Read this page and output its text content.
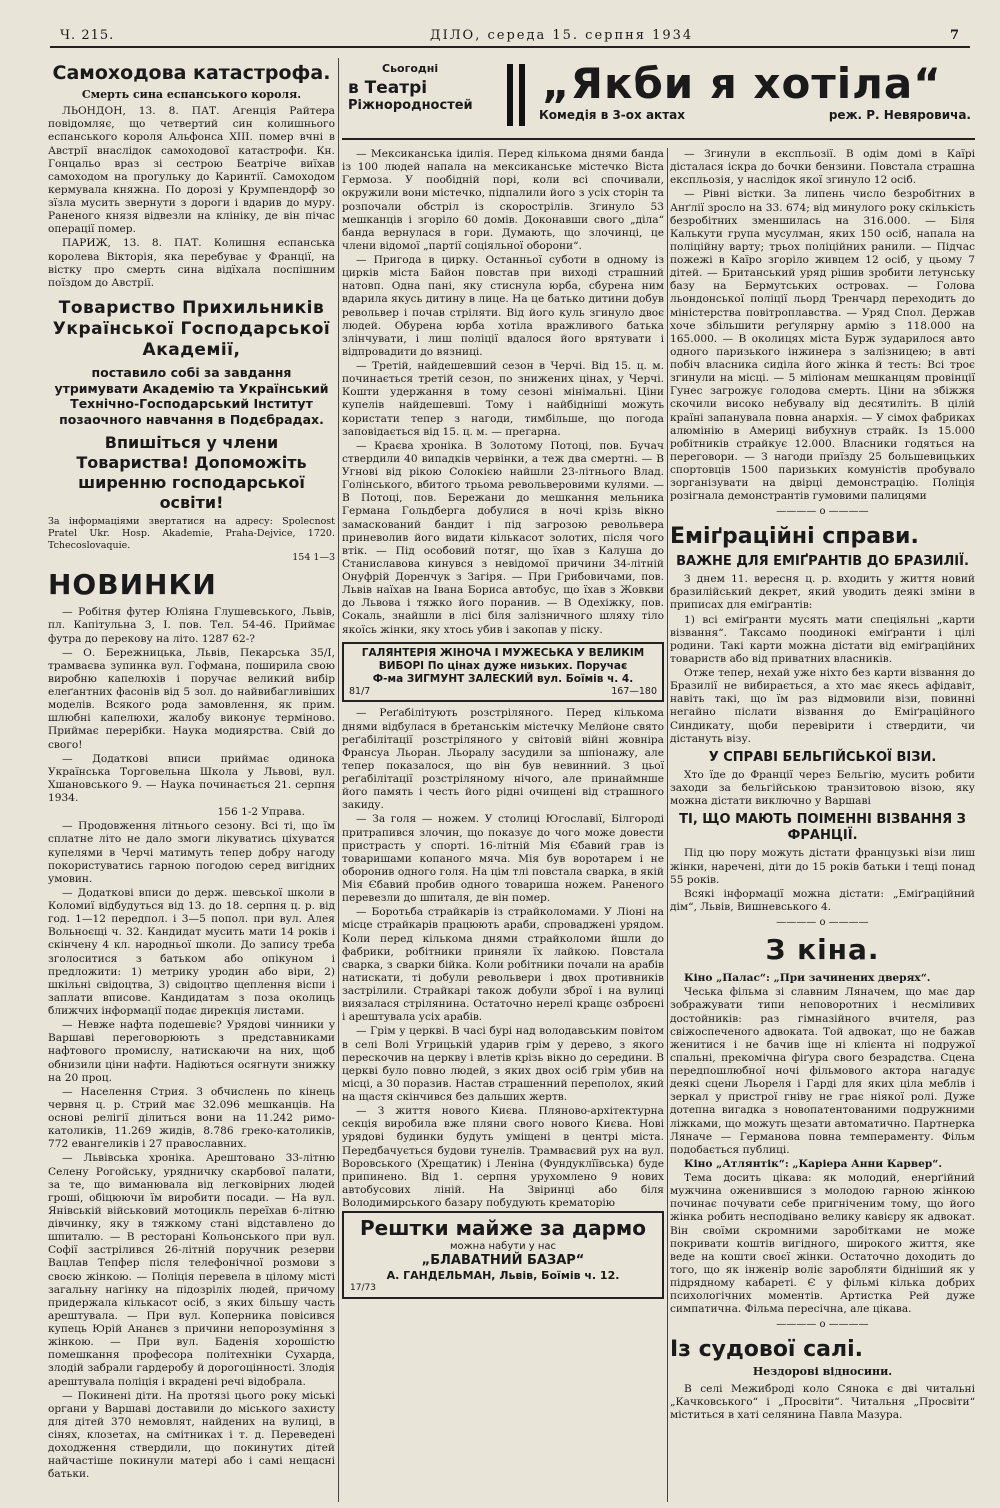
Ч. 215.	ДІЛО, середа 15. серпня 1934	7
Сьогодні
в Театрі
Ріжнородностей „Якби я хотіла“
Комедія в 3-ох актах	реж. Р. Невяровича.
Самоходова катастрофа.
Смерть сина еспанського короля.

ЛЬОНДОН, 13. 8. ПАТ. Агенція Райтера повідомляє, що четвертий син колишнього еспанського короля Альфонса XIII. помер вчні в Австрії внаслідок самоходової катастрофи. Кн. Гонцальо враз зі сестрою Беатріче виїхав самоходом на прогульку до Каринтії. Самоходом кермувала княжна. По дорозі у Крумпендорф зо зїзла мусить звернути з дороги і вдарив до муру. Раненого князя відвезли на клініку, де він пічас операції помер.

ПАРИЖ, 13. 8. ПАТ. Колишня еспанська королева Вікторія, яка перебуває у Франції, на вістку про смерть сина відїхала поспішним поїздом до Австрії.

Товариство Прихильників Української Господарської Академії,
поставило собі за завдання утримувати Академію та Український Технічно-Господарський Інститут позаочного навчання в Подєбрадах.
Впишіться у члени Товариства! Допоможіть ширенню господарської освіти!
За інформаціями звертатися на адресу: Spolecnost Pratel Ukr. Hosp. Akademie, Praha-Dejvice, 1720. Tchecoslovaquie.
154 1—3
НОВИНКИ

— Робітня футер Юліяна Глушевського, Львів, пл. Капітульна 3, І. пов. Тел. 54-46. Приймає футра до перекову на літо. 1287 62-?

— О. Бережницька, Львів, Пекарська 35/І, трамваєва зупинка вул. Гофмана, поширила свою виробню капелюхів і поручає великий вибір елеґантних фасонів від 5 зол. до найвибагливіших моделів. Всякого рода замовлення, як прим. шлюбні капелюхи, жалобу виконує терміново. Приймає перерібки. Наука модиярства. Свій до свого!

— Додаткові вписи приймає одинока Українська Торговельна Школа у Львові, вул. Хшановського 9. — Наука починається 21. серпня 1934.

156 1-2 Управа.

— Продовження літнього сезону. Всі ті, що їм сплатне літо не дало змоги лікуватись ціхуватся купелями в Черчі матимуть тепер добру нагоду покористуватись гарною погодою серед вигідних умовин.

— Додаткові вписи до держ. шевської школи в Коломиї відбудуться від 13. до 18. серпня ц. р. від год. 1—12 передпол. і 3—5 попол. при вул. Алея Вольноєщі ч. 32. Кандидат мусить мати 14 років і скінчену 4 кл. народньої школи. До запису треба зголоситися з батьком або опікуном і предложити: 1) метрику уродин або віри, 2) шкільні свідоцтва, 3) свідоцтво щеплення віспи і заплати вписове. Кандидатам з поза околиць ближчих інформації подає дирекція листами.

— Невже нафта подешевіє? Урядові чинники у Варшаві переговорюють з представниками нафтового промислу, натискаючи на них, щоб обнизили ціни нафти. Надіються осягнути знижку на 20 проц.

— Населення Стрия. З обчислень по кінець червня ц. р. Стрий має 32.096 мешканців. На основі релігії ділиться вони на 11.242 римо-католиків, 11.269 жидів, 8.786 греко-католиків, 772 евангеликів і 27 православних.

— Львівська хроніка. Арештовано 33-літню Селену Рогойську, урядничку скарбової палати, за те, що виманювала від легковірних людей гроші, обіцюючи їм виробити посади. — На вул. Янівській військовий мотоцикль переїхав 6-літню дівчинку, яку в тяжкому стані відставлено до шпиталю. — В ресторані Кольонського при вул. Софії застрілився 26-літній поручник резерви Вацлав Тепфер після телефонічної розмови з своєю жінкою. — Поліція перевела в цілому місті загальну нагінку на підозріліх людей, причому придержала кількасот осіб, з яких більшу часть арештувала. — При вул. Коперника повісився купець Юрій Ананєв з причини непорозуміння з жінкою. — При вул. Баденія хорошістю помешкання професора політехніки Сухарда, злодій забрали гардеробу й дорогоцінності. Злодія арештувала поліція і вкрадені речі відобрала.

— Покинені діти. На протязі цього року міські органи у Варшаві доставили до міського захисту для дітей 370 немовлят, найдених на вулиці, в сінях, клозетах, на смітниках і т. д. Переведені доходження ствердили, що покинутих дітей найчастіше покинули матері або і самі нещасні батьки.

— Мексиканська ідилія. Перед кількома днями банда із 100 людей напала на мексиканське містечко Віста Гермоза. У пообідній порі, коли всі спочивали, окружили вони містечко, підпалили його з усіх сторін та розпочали обстріл із скорострілів. Згинуло 53 мешканців і згоріло 60 домів. Доконавши свого „діла“ банда вернулася в гори. Думають, що злочинці, це члени відомої „партії соціяльної оборони“.

— Пригода в цирку. Останньої суботи в одному із цирків міста Байон повстав при виході страшний натовп. Одна пані, яку стиснула юрба, сбурена ним вдарила якусь дитину в лице. На це батько дитини добув револьвер і почав стріляти. Від його куль згинуло двоє людей. Обурена юрба хотіла вражливого батька злінчувати, і лиш поліції вдалося його врятувати і відпровадити до вязниці.

— Третій, найдешевший сезон в Черчі. Від 15. ц. м. починається третій сезон, по знижених цінах, у Черчі. Кошти удержання в тому сезоні мінімальні. Ціни купелів найдешевші. Тому і найбідніші можуть користати тепер з нагоди, тимбільше, що погода заповідається від 15. ц. м. — прегарна.

— Краєва хроніка. В Золотому Потоці, пов. Бучач ствердили 40 випадків червінки, а теж два смертні. — В Угнові від рікою Солокією найшли 23-літнього Влад. Голінського, вбитого трьома револьверовими кулями. — В Потоці, пов. Бережани до мешкання мельника Германа Гольдберга добулися в ночі крізь вікно замаскований бандит і під загрозою револьвера приневолив його видати кількасот золотих, після чого втік. — Під особовий потяг, що їхав з Калуша до Станиславова кинувся з невідомої причини 34-літній Онуфрій Доренчук з Загіря. — При Грибовичами, пов. Львів наїхав на Івана Бориса автобус, що їхав з Жовкви до Львова і тяжко його поранив. — В Одехіжку, пов. Сокаль, знайшли в лісі біля залізничного шляху тіло якоїсь жінки, яку хтось убив і закопав у піску.

ГАЛЯНТЕРІЯ ЖІНОЧА І МУЖЕСЬКА У ВЕЛИКІМ ВИБОРІ По цінах дуже низьких. Поручає
Ф-ма ЗИГМУНТ ЗАЛЕСКИЙ вул. Боїмів ч. 4.
81/7	167—180

— Реґабілітують розстріляного. Перед кількома днями відбулася в бретанськім містечку Мелйоне свято реґабілітації розстріляного у світовій війні жовніра Франсуа Льоран. Льоралу засудили за шпіонажу, але тепер показалося, що він був невинний. З цьої реґабілітації розстріляному нічого, але принаймнше його память і честь його рідні очищені від страшного закиду.

— За голя — ножем. У столиці Югославії, Білгороді притрапився злочин, що показує до чого може довести пристрасть у спорті. 16-літній Мія Єбавий грав із товаришами копаного мяча. Мія був воротарем і не оборонив одного голя. На цім тлі повстала сварка, в якій Мія Єбавий пробив одного товариша ножем. Раненого перевезли до шпиталя, де він помер.

— Боротьба страйкарів із страйколомами. У Ліоні на місце страйкарів працюють араби, спроваджені урядом. Коли перед кількома днями страйколоми йшли до фабрики, робітники приняли їх лайкою. Повстала сварка, з сварки бійка. Коли робітники почали на арабів натискати, ті добули револьвери і двох противників застрілили. Страйкарі також добули зброї і на вулиці виязалася стрілянина. Остаточно нерелі кращє озброєні і арештувала усіх арабів.

— Грім у церкві. В часі бурі над володавським повітом в селі Волі Угрицькій ударив грім у дерево, з якого перескочив на церкву і влетів крізь вікно до середини. В церкві було повно людей, з яких двох осіб грім убив на місці, а 30 поразив. Настав страшенний переполох, який на щастя скінчився без дальших жертв.

— З життя нового Києва. Пляново-архітектурна секція виробила вже пляни свого нового Києва. Нові урядові будинки будуть уміщені в центрі міста. Передбачується будови тунелів. Трамваєвий рух на вул. Воровського (Хрещатик) і Леніна (Фундуклїївська) буде припинено. Від 1. серпня урухомлено 9 нових автобусових ліній. На Звіринці або біля Володимирського базару побудують крематорію

Рештки майже за дармо
можна набути у нас
„БЛАВАТНИЙ БАЗАР“
А. ГАНДЕЛЬМАН, Львів, Боїмів ч. 12.
17/73

— Згинули в експльозії. В одім домі в Каїрі дісталася іскра до бочки бензини. Повстала страшна експльозія, у наслідок якої згинуло 12 осіб.

— Рівні вістки. За липень число безробітних в Анґлії зросло на 33. 674; від минулого року скількість безробітних зменшилась на 316.000. — Біля Калькути група мусулман, яких 150 осіб, напала на поліційну варту; трьох поліційних ранили. — Підчас пожежі в Каїро згоріло живцем 12 осіб, у цьому 7 дітей. — Британський уряд рішив зробити летунську базу на Бермутських островах. — Голова льондонської поліції льорд Тренчард переходить до міністерства повітроплавства. — Уряд Спол. Держав хоче збільшити реґулярну армію з 118.000 на 165.000. — В околицях міста Бурж зударилося авто одного паризького інжинера з залізницею; в авті побіч власника сиділа його жінка й тесть: Всі троє згинули на місці. — 5 міліонам мешканцям провінції Гунес загрожує голодова смерть. Ціни на збіжжя скочили високо небувалу від десятиліть. В цілій країні запанувала повна анархія. — У сімох фабриках алюмінію в Америці вибухнув страйк. Із 15.000 робітників страйкує 12.000. Власники годяться на переговори. — З нагоди приїзду 25 большевицьких спортовців 1500 паризьких комуністів пробувало зорганізувати на двірці демонстрацію. Поліція розігнала демонстрантів гумовими палицями

———— o ————
Еміґраційні справи.
ВАЖНЕ ДЛЯ ЕМІҐРАНТІВ ДО БРАЗИЛІЇ.

З днем 11. вересня ц. р. входить у життя новий бразилійський декрет, який уводить деякі зміни в приписах для еміґрантів:

1) всі еміґранти мусять мати спеціяльні „карти візвання“. Таксамо поодинокі еміґранти і цілі родини. Такі карти можна дістати від еміґраційних товариств або від приватних власників.

Отже тепер, нехай уже ніхто без карти візвання до Бразилії не вибирається, а хто має якесь афідавіт, навіть такі, що їм раз відмовили візи, повинні негайно післати візвання до Еміґраційного Синдикату, щоби перевірити і ствердити, чи дістануть візу.

У СПРАВІ БЕЛЬГІЙСЬКОЇ ВІЗИ.

Хто їде до Франції через Бельгію, мусить робити заходи за бельгійською транзитовою візою, яку можна дістати виключно у Варшаві

ТІ, ЩО МАЮТЬ ПОІМЕННІ ВІЗВАННЯ З ФРАНЦІЇ.

Під цю пору можуть дістати французькі візи лиш жінки, наречені, діти до 15 років батьки і тещі понад 55 років.

Всякі інформації можна дістати: „Еміґраційний дім“, Львів, Вишневського 4.

———— o ————
З кіна.

Кіно „Палас“: „При зачинених дверях“.

Чеська фільма зі славним Ляначем, що має дар зображувати типи неповоротних і несміливих достойників: раз гімназійного вчителя, раз свіжоспеченого адвоката. Той адвокат, що не бажав женитися і не бачив іще ні клієнта ні подружої спальні, прекомічна фіґура свого безрадства. Сцена передпошлюбної ночі фільмового актора нагадує деякі сцени Льореля і Гарді для яких ціла меблів і зеркал у пристрої гніву не грає ніякої ролі. Дуже дотепна вигадка з новопатентованими подружними ліжками, що можуть щезати автоматично. Партнерка Ляначе — Германова повна темпераменту. Фільм подобається публиці.

Кіно „Атлянтік“: „Каріера Анни Карвер“.

Тема досить цікава: як молодий, енерґійний мужчина оженившися з молодою гарною жінкою починає почувати себе пригніченим тому, що його жінка робить несподівано велику кавієру як адвокат. Він своїми скромними заробітками не може покривати коштів вигідного, широкого життя, яке веде на кошти своєї жінки. Остаточно доходить до того, що як інженір воліє заробляти бідніший як у підрядному кабареті. Є у фільмі кілька добрих психологічних моментів. Артистка Рей дуже симпатична. Фільма пересічна, але цікава.

———— o ————
Із судової салі.
Нездорові відносини.

В селі Межиброді коло Сянока є дві читальні „Качковського“ і „Просвіти“. Читальня „Просвіти“ міститься в хаті селянина Павла Мазура.
